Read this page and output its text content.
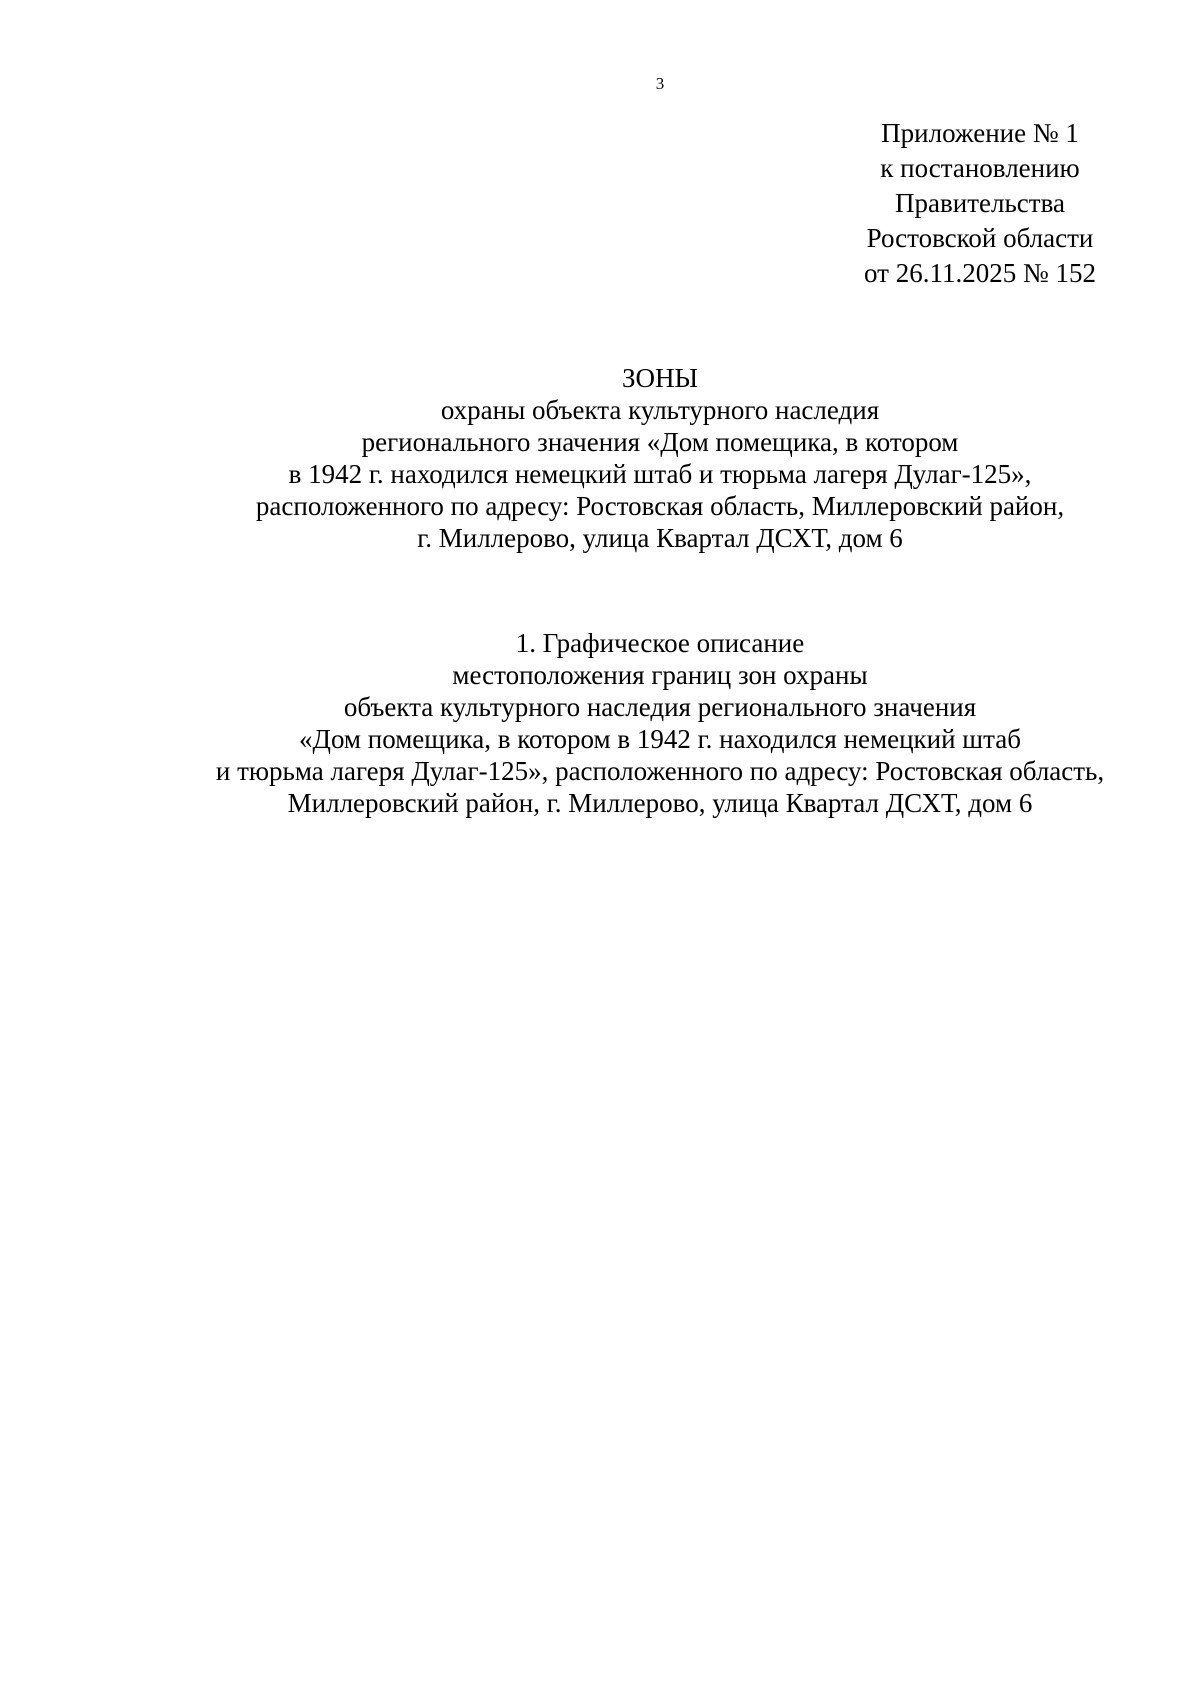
3
Приложение № 1
к постановлению
Правительства
Ростовской области
от 26.11.2025 № 152
ЗОНЫ
охраны объекта культурного наследия
регионального значения «Дом помещика, в котором
в 1942 г. находился немецкий штаб и тюрьма лагеря Дулаг-125»,
расположенного по адресу: Ростовская область, Миллеровский район,
г. Миллерово, улица Квартал ДСХТ, дом 6
1. Графическое описание
местоположения границ зон охраны
объекта культурного наследия регионального значения
«Дом помещика, в котором в 1942 г. находился немецкий штаб
и тюрьма лагеря Дулаг-125», расположенного по адресу: Ростовская область,
Миллеровский район, г. Миллерово, улица Квартал ДСХТ, дом 6
